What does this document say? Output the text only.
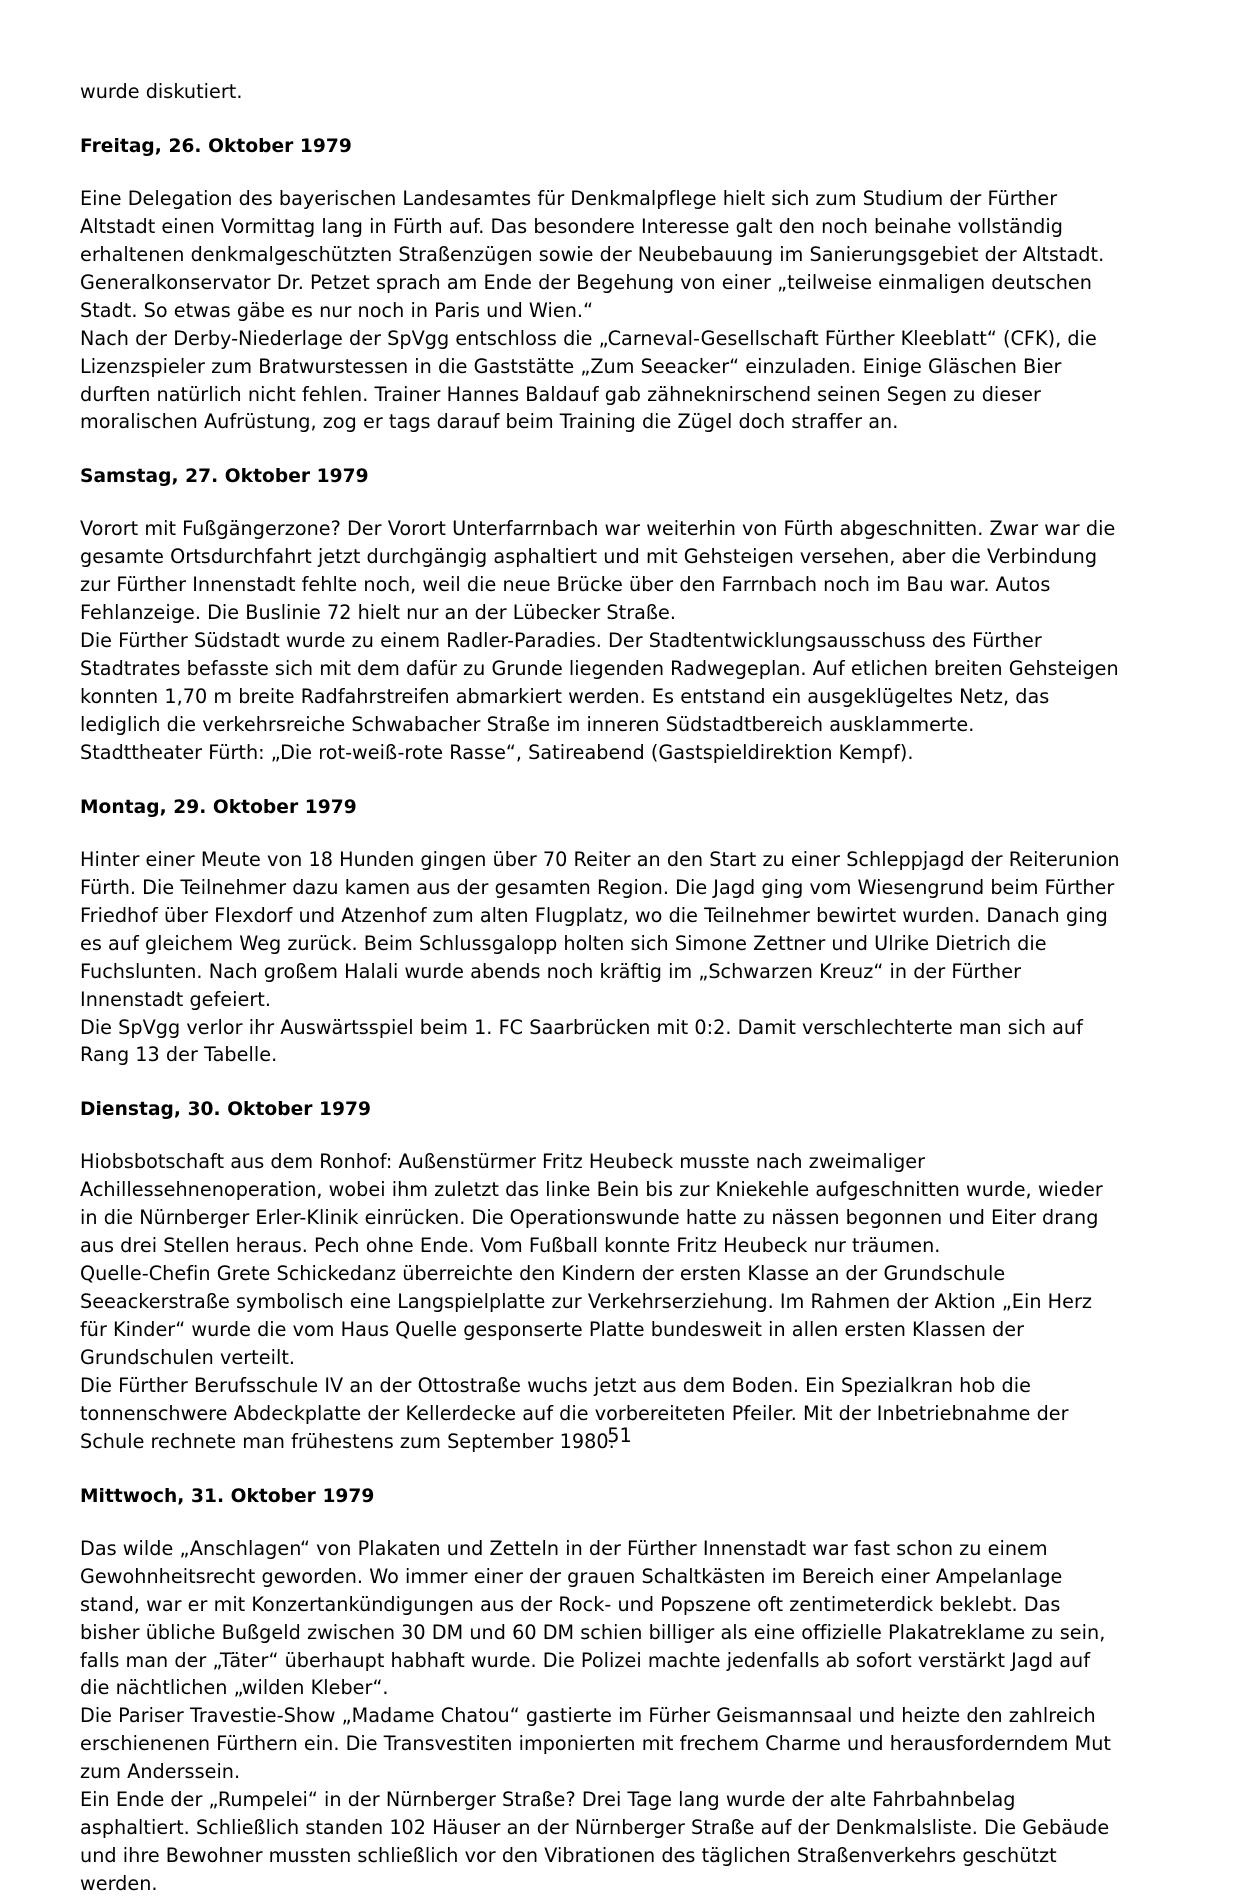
wurde diskutiert.

Freitag, 26. Oktober 1979

Eine Delegation des bayerischen Landesamtes für Denkmalpflege hielt sich zum Studium der Fürther Altstadt einen Vormittag lang in Fürth auf. Das besondere Interesse galt den noch beinahe vollständig erhaltenen denkmalgeschützten Straßenzügen sowie der Neubebauung im Sanierungsgebiet der Altstadt. Generalkonservator Dr. Petzet sprach am Ende der Begehung von einer „teilweise einmaligen deutschen Stadt. So etwas gäbe es nur noch in Paris und Wien.“

Nach der Derby-Niederlage der SpVgg entschloss die „Carneval-Gesellschaft Fürther Kleeblatt“ (CFK), die Lizenzspieler zum Bratwurstessen in die Gaststätte „Zum Seeacker“ einzuladen. Einige Gläschen Bier durften natürlich nicht fehlen. Trainer Hannes Baldauf gab zähneknirschend seinen Segen zu dieser moralischen Aufrüstung, zog er tags darauf beim Training die Zügel doch straffer an.

Samstag, 27. Oktober 1979

Vorort mit Fußgängerzone? Der Vorort Unterfarrnbach war weiterhin von Fürth abgeschnitten. Zwar war die gesamte Ortsdurchfahrt jetzt durchgängig asphaltiert und mit Gehsteigen versehen, aber die Verbindung zur Fürther Innenstadt fehlte noch, weil die neue Brücke über den Farrnbach noch im Bau war. Autos Fehlanzeige. Die Buslinie 72 hielt nur an der Lübecker Straße.

Die Fürther Südstadt wurde zu einem Radler-Paradies. Der Stadtentwicklungsausschuss des Fürther Stadtrates befasste sich mit dem dafür zu Grunde liegenden Radwegeplan. Auf etlichen breiten Gehsteigen konnten 1,70 m breite Radfahrstreifen abmarkiert werden. Es entstand ein ausgeklügeltes Netz, das lediglich die verkehrsreiche Schwabacher Straße im inneren Südstadtbereich ausklammerte.

Stadttheater Fürth: „Die rot-weiß-rote Rasse“, Satireabend (Gastspieldirektion Kempf).

Montag, 29. Oktober 1979

Hinter einer Meute von 18 Hunden gingen über 70 Reiter an den Start zu einer Schleppjagd der Reiterunion Fürth. Die Teilnehmer dazu kamen aus der gesamten Region. Die Jagd ging vom Wiesengrund beim Fürther Friedhof über Flexdorf und Atzenhof zum alten Flugplatz, wo die Teilnehmer bewirtet wurden. Danach ging es auf gleichem Weg zurück. Beim Schlussgalopp holten sich Simone Zettner und Ulrike Dietrich die Fuchslunten. Nach großem Halali wurde abends noch kräftig im „Schwarzen Kreuz“ in der Fürther Innenstadt gefeiert.

Die SpVgg verlor ihr Auswärtsspiel beim 1. FC Saarbrücken mit 0:2. Damit verschlechterte man sich auf Rang 13 der Tabelle.

Dienstag, 30. Oktober 1979

Hiobsbotschaft aus dem Ronhof: Außenstürmer Fritz Heubeck musste nach zweimaliger Achillessehnenoperation, wobei ihm zuletzt das linke Bein bis zur Kniekehle aufgeschnitten wurde, wieder in die Nürnberger Erler-Klinik einrücken. Die Operationswunde hatte zu nässen begonnen und Eiter drang aus drei Stellen heraus. Pech ohne Ende. Vom Fußball konnte Fritz Heubeck nur träumen.

Quelle-Chefin Grete Schickedanz überreichte den Kindern der ersten Klasse an der Grundschule Seeackerstraße symbolisch eine Langspielplatte zur Verkehrserziehung. Im Rahmen der Aktion „Ein Herz für Kinder“ wurde die vom Haus Quelle gesponserte Platte bundesweit in allen ersten Klassen der Grundschulen verteilt.

Die Fürther Berufsschule IV an der Ottostraße wuchs jetzt aus dem Boden. Ein Spezialkran hob die tonnenschwere Abdeckplatte der Kellerdecke auf die vorbereiteten Pfeiler. Mit der Inbetriebnahme der Schule rechnete man frühestens zum September 1980.

Mittwoch, 31. Oktober 1979

Das wilde „Anschlagen“ von Plakaten und Zetteln in der Fürther Innenstadt war fast schon zu einem Gewohnheitsrecht geworden. Wo immer einer der grauen Schaltkästen im Bereich einer Ampelanlage stand, war er mit Konzertankündigungen aus der Rock- und Popszene oft zentimeterdick beklebt. Das bisher übliche Bußgeld zwischen 30 DM und 60 DM schien billiger als eine offizielle Plakatreklame zu sein, falls man der „Täter“ überhaupt habhaft wurde. Die Polizei machte jedenfalls ab sofort verstärkt Jagd auf die nächtlichen „wilden Kleber“.

Die Pariser Travestie-Show „Madame Chatou“ gastierte im Fürher Geismannsaal und heizte den zahlreich erschienenen Fürthern ein. Die Transvestiten imponierten mit frechem Charme und herausforderndem Mut zum Anderssein.

Ein Ende der „Rumpelei“ in der Nürnberger Straße? Drei Tage lang wurde der alte Fahrbahnbelag asphaltiert. Schließlich standen 102 Häuser an der Nürnberger Straße auf der Denkmalsliste. Die Gebäude und ihre Bewohner mussten schließlich vor den Vibrationen des täglichen Straßenverkehrs geschützt werden.

51
